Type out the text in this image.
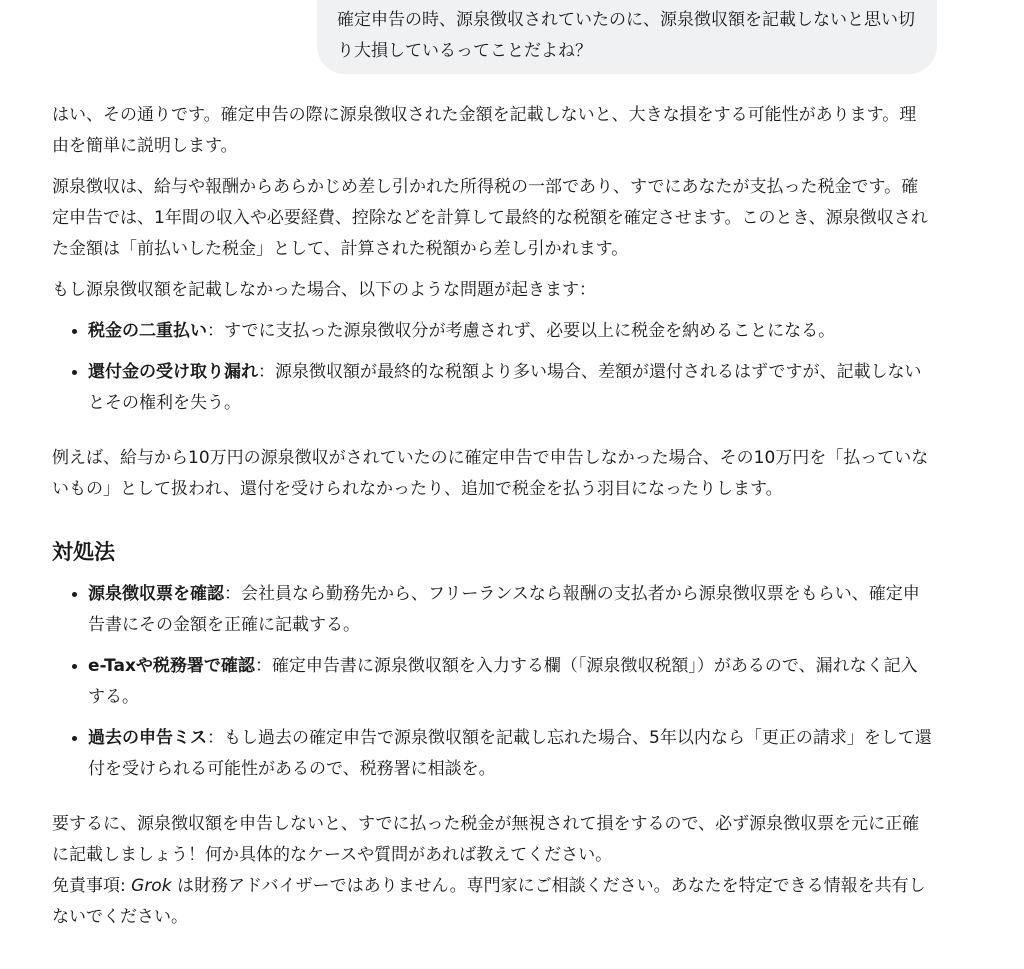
確定申告の時、源泉徴収されていたのに、源泉徴収額を記載しないと思い切り大損しているってことだよね？

はい、その通りです。確定申告の際に源泉徴収された金額を記載しないと、大きな損をする可能性があります。理由を簡単に説明します。

源泉徴収は、給与や報酬からあらかじめ差し引かれた所得税の一部であり、すでにあなたが支払った税金です。確定申告では、1年間の収入や必要経費、控除などを計算して最終的な税額を確定させます。このとき、源泉徴収された金額は「前払いした税金」として、計算された税額から差し引かれます。

もし源泉徴収額を記載しなかった場合、以下のような問題が起きます：

• 税金の二重払い：すでに支払った源泉徴収分が考慮されず、必要以上に税金を納めることになる。
• 還付金の受け取り漏れ：源泉徴収額が最終的な税額より多い場合、差額が還付されるはずですが、記載しないとその権利を失う。

例えば、給与から10万円の源泉徴収がされていたのに確定申告で申告しなかった場合、その10万円を「払っていないもの」として扱われ、還付を受けられなかったり、追加で税金を払う羽目になったりします。

対処法
• 源泉徴収票を確認：会社員なら勤務先から、フリーランスなら報酬の支払者から源泉徴収票をもらい、確定申告書にその金額を正確に記載する。
• e-Taxや税務署で確認：確定申告書に源泉徴収額を入力する欄（「源泉徴収税額」）があるので、漏れなく記入する。
• 過去の申告ミス：もし過去の確定申告で源泉徴収額を記載し忘れた場合、5年以内なら「更正の請求」をして還付を受けられる可能性があるので、税務署に相談を。

要するに、源泉徴収額を申告しないと、すでに払った税金が無視されて損をするので、必ず源泉徴収票を元に正確に記載しましょう！何か具体的なケースや質問があれば教えてください。

免責事項: Grok は財務アドバイザーではありません。専門家にご相談ください。あなたを特定できる情報を共有しないでください。
